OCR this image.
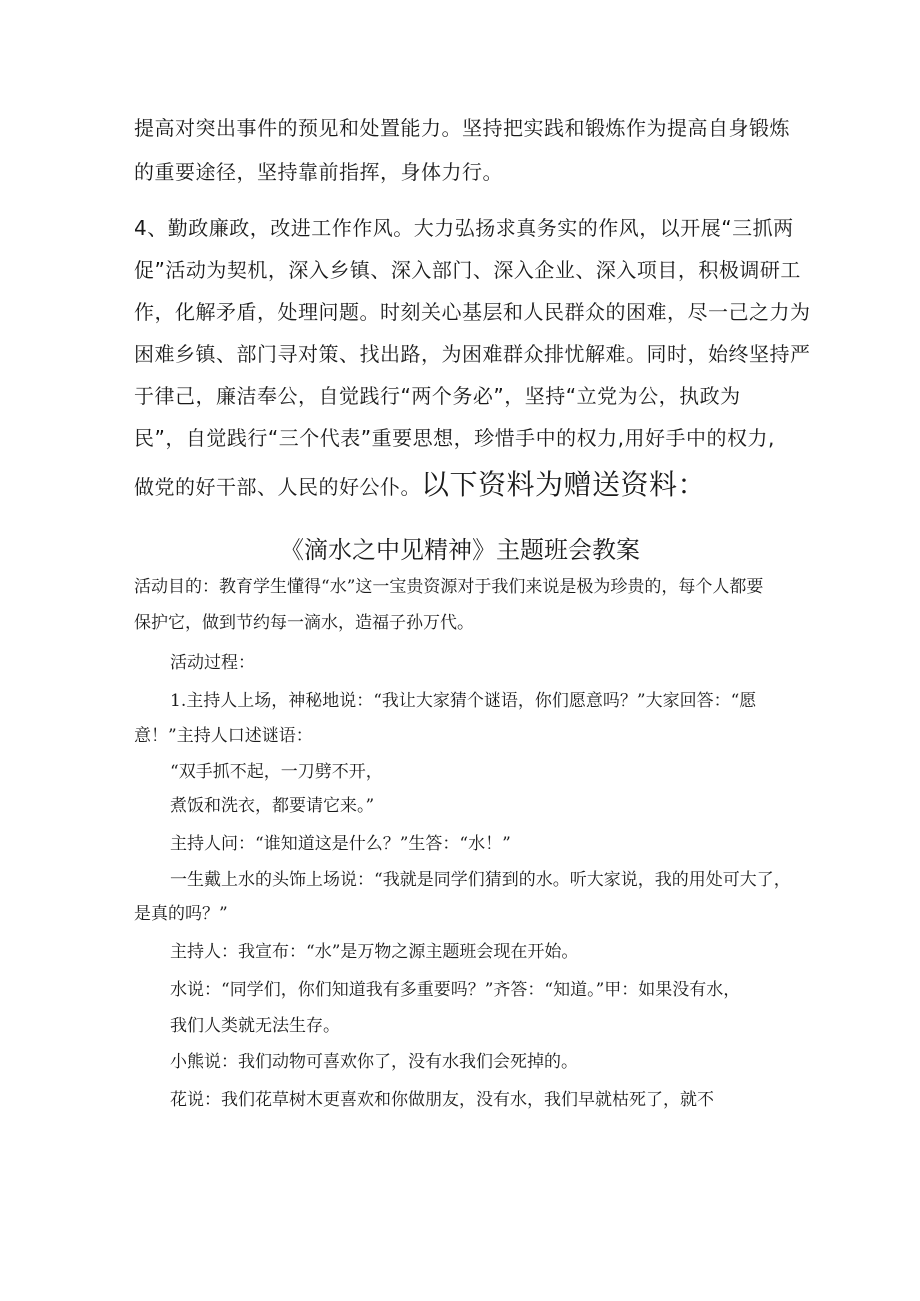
提高对突出事件的预见和处置能力。坚持把实践和锻炼作为提高自身锻炼
的重要途径，坚持靠前指挥，身体力行。
4、勤政廉政，改进工作作风。大力弘扬求真务实的作风，以开展“三抓两
促”活动为契机，深入乡镇、深入部门、深入企业、深入项目，积极调研工
作，化解矛盾，处理问题。时刻关心基层和人民群众的困难，尽一己之力为
困难乡镇、部门寻对策、找出路，为困难群众排忧解难。同时，始终坚持严
于律己，廉洁奉公，自觉践行“两个务必”，坚持“立党为公，执政为
民”，自觉践行“三个代表”重要思想，珍惜手中的权力,用好手中的权力,
做党的好干部、人民的好公仆。以下资料为赠送资料：
《滴水之中见精神》主题班会教案
活动目的：教育学生懂得“水”这一宝贵资源对于我们来说是极为珍贵的，每个人都要
保护它，做到节约每一滴水，造福子孙万代。
活动过程：
1.主持人上场，神秘地说：“我让大家猜个谜语，你们愿意吗？”大家回答：“愿
意！”主持人口述谜语：
“双手抓不起，一刀劈不开，
煮饭和洗衣，都要请它来。”
主持人问：“谁知道这是什么？”生答：“水！”
一生戴上水的头饰上场说：“我就是同学们猜到的水。听大家说，我的用处可大了，
是真的吗？”
主持人：我宣布：“水”是万物之源主题班会现在开始。
水说：“同学们，你们知道我有多重要吗？”齐答：“知道。”甲：如果没有水，
我们人类就无法生存。
小熊说：我们动物可喜欢你了，没有水我们会死掉的。
花说：我们花草树木更喜欢和你做朋友，没有水，我们早就枯死了，就不
